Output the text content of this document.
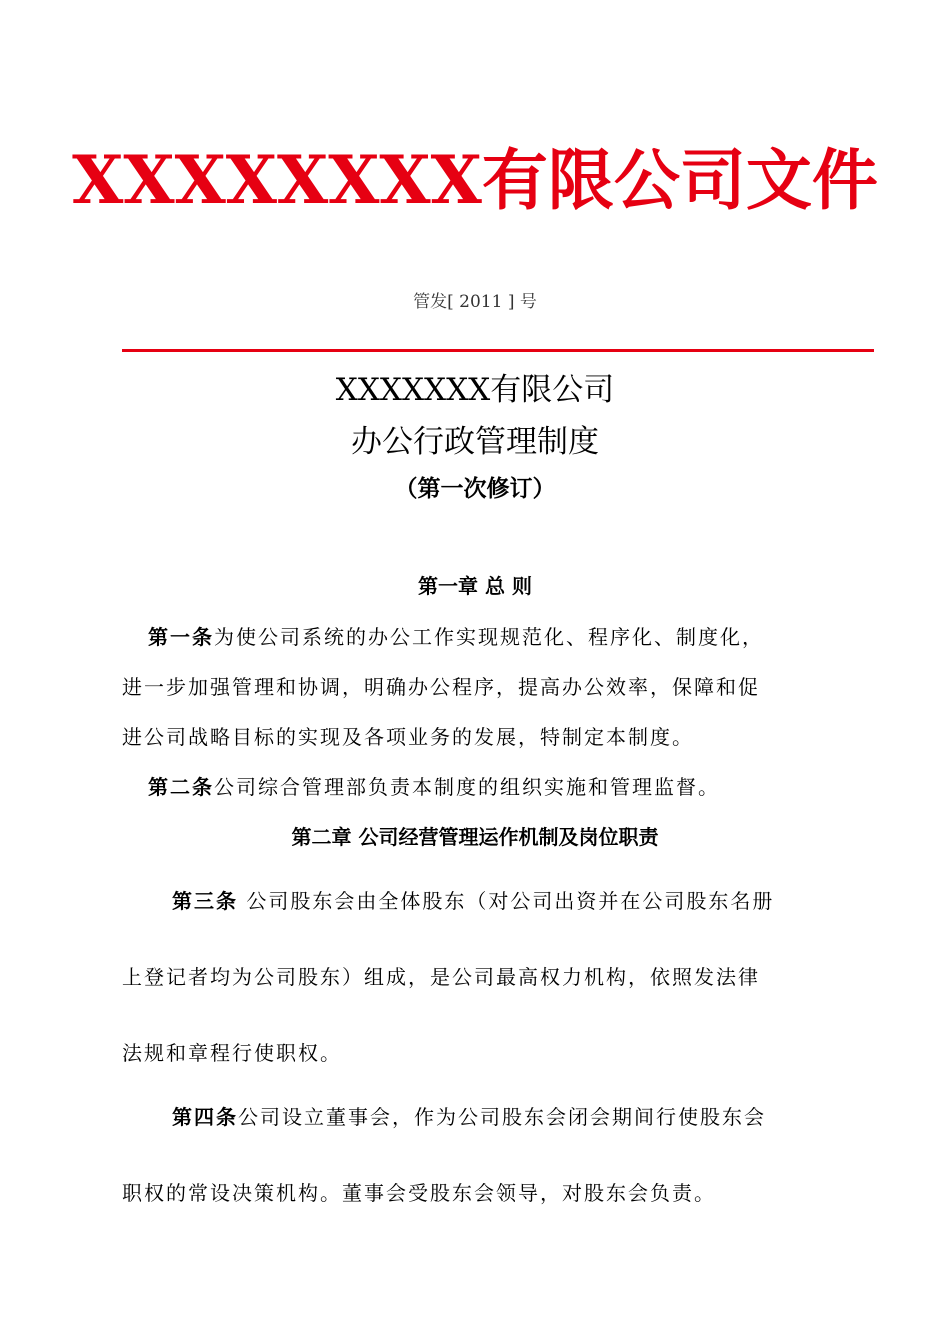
XXXXXXXX有限公司文件
管发[ 2011 ] 号
XXXXXXX有限公司
办公行政管理制度
（第一次修订）
第一章 总 则
第一条为使公司系统的办公工作实现规范化、程序化、制度化，
进一步加强管理和协调，明确办公程序，提高办公效率，保障和促
进公司战略目标的实现及各项业务的发展，特制定本制度。
第二条公司综合管理部负责本制度的组织实施和管理监督。
第二章 公司经营管理运作机制及岗位职责
第三条 公司股东会由全体股东（对公司出资并在公司股东名册
上登记者均为公司股东）组成，是公司最高权力机构，依照发法律
法规和章程行使职权。
第四条公司设立董事会，作为公司股东会闭会期间行使股东会
职权的常设决策机构。董事会受股东会领导，对股东会负责。
